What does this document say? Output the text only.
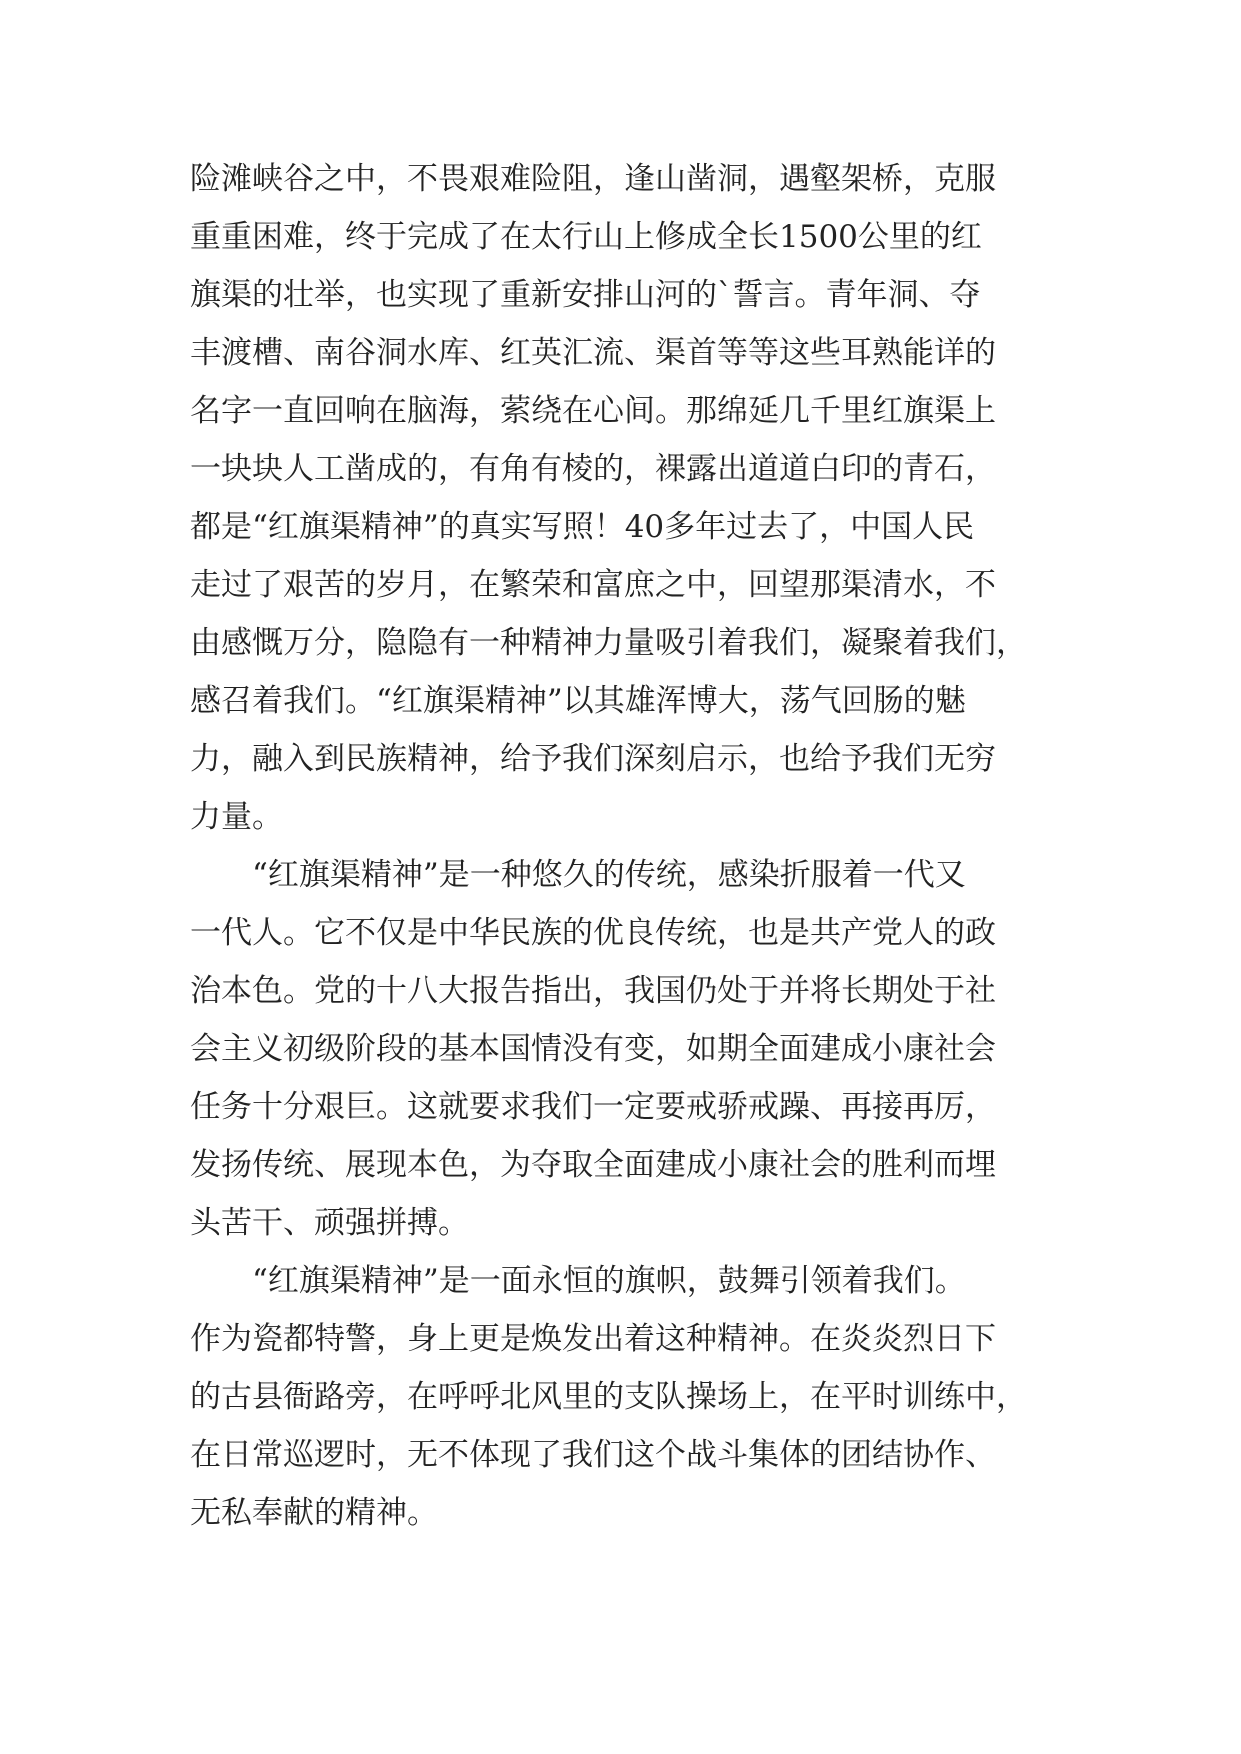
险滩峡谷之中，不畏艰难险阻，逢山凿洞，遇壑架桥，克服
重重困难，终于完成了在太行山上修成全长1500公里的红
旗渠的壮举，也实现了重新安排山河的`誓言。青年洞、夺
丰渡槽、南谷洞水库、红英汇流、渠首等等这些耳熟能详的
名字一直回响在脑海，萦绕在心间。那绵延几千里红旗渠上
一块块人工凿成的，有角有棱的，裸露出道道白印的青石，
都是“红旗渠精神”的真实写照！40多年过去了，中国人民
走过了艰苦的岁月，在繁荣和富庶之中，回望那渠清水，不
由感慨万分，隐隐有一种精神力量吸引着我们，凝聚着我们，
感召着我们。“红旗渠精神”以其雄浑博大，荡气回肠的魅
力，融入到民族精神，给予我们深刻启示，也给予我们无穷
力量。
“红旗渠精神”是一种悠久的传统，感染折服着一代又
一代人。它不仅是中华民族的优良传统，也是共产党人的政
治本色。党的十八大报告指出，我国仍处于并将长期处于社
会主义初级阶段的基本国情没有变，如期全面建成小康社会
任务十分艰巨。这就要求我们一定要戒骄戒躁、再接再厉，
发扬传统、展现本色，为夺取全面建成小康社会的胜利而埋
头苦干、顽强拼搏。
“红旗渠精神”是一面永恒的旗帜，鼓舞引领着我们。
作为瓷都特警，身上更是焕发出着这种精神。在炎炎烈日下
的古县衙路旁，在呼呼北风里的支队操场上，在平时训练中，
在日常巡逻时，无不体现了我们这个战斗集体的团结协作、
无私奉献的精神。
